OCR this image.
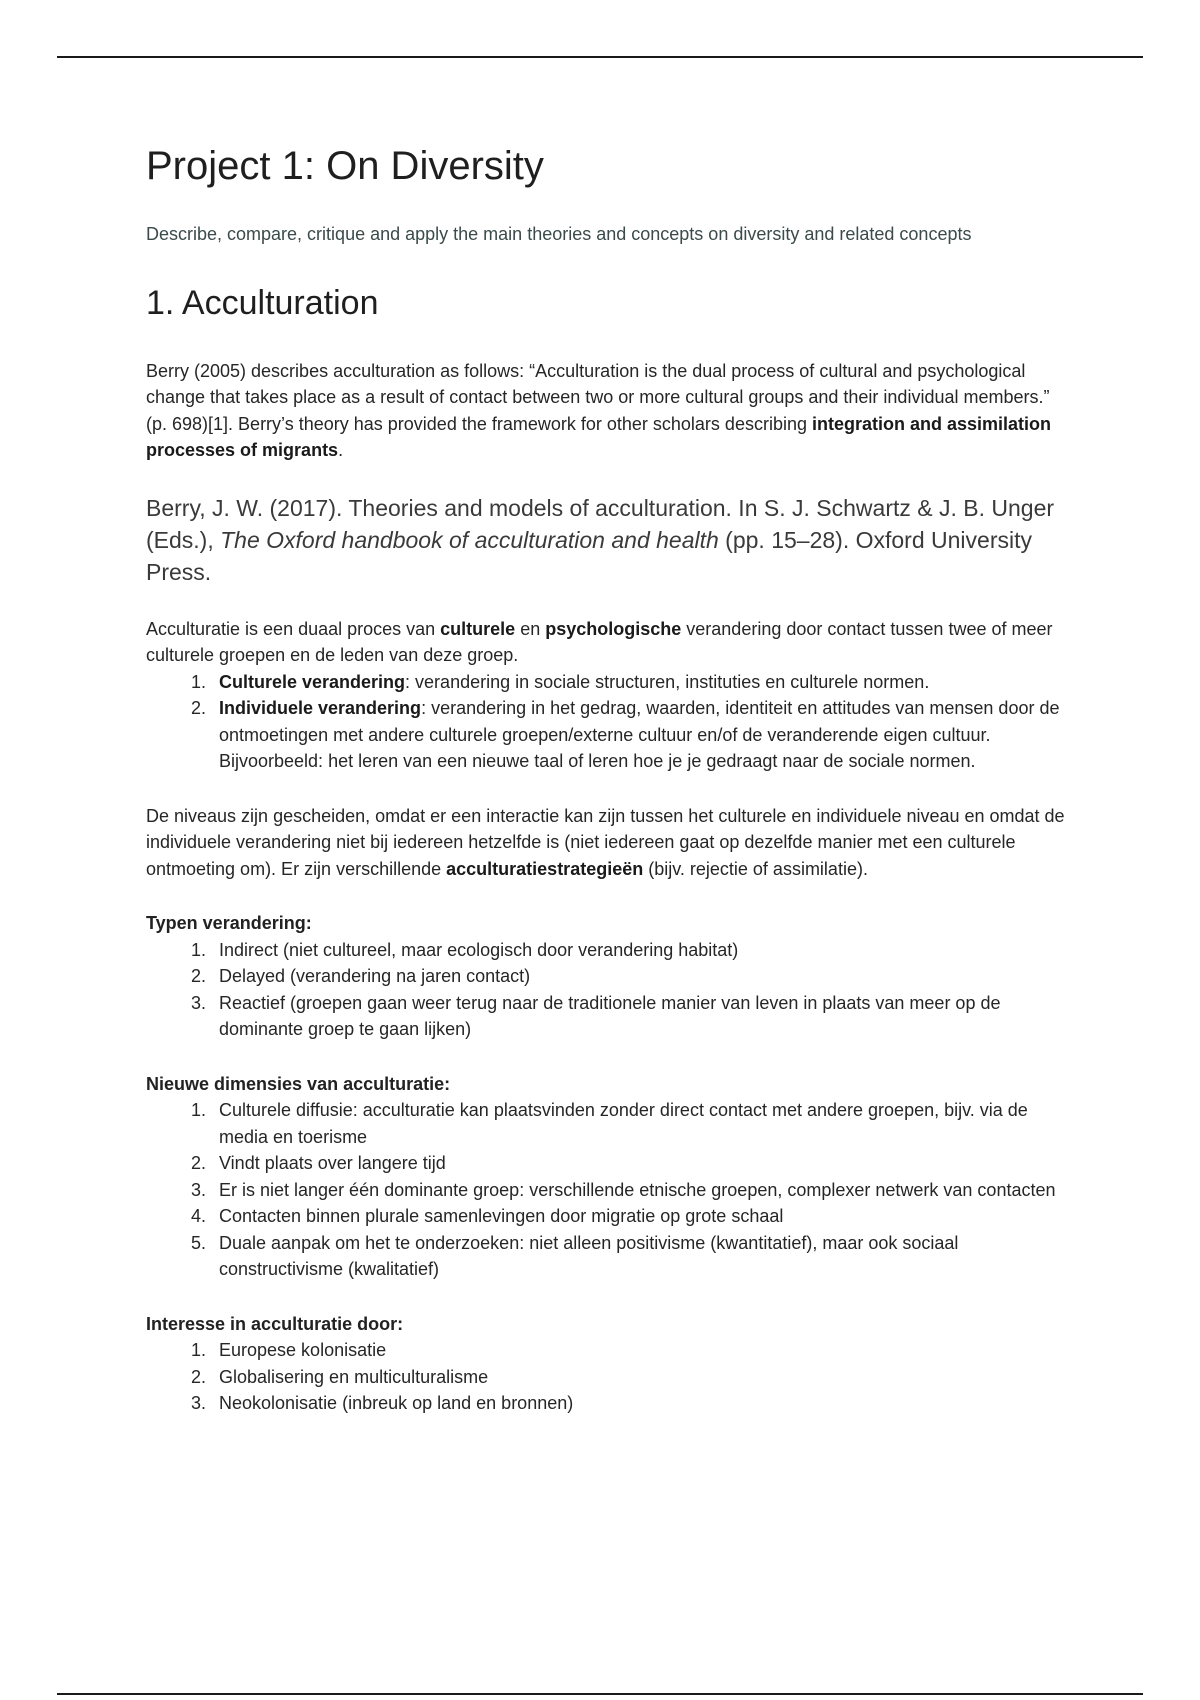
Project 1: On Diversity

Describe, compare, critique and apply the main theories and concepts on diversity and related concepts

1. Acculturation

Berry (2005) describes acculturation as follows: “Acculturation is the dual process of cultural and psychological change that takes place as a result of contact between two or more cultural groups and their individual members.” (p. 698)[1]. Berry’s theory has provided the framework for other scholars describing integration and assimilation processes of migrants.

Berry, J. W. (2017). Theories and models of acculturation. In S. J. Schwartz & J. B. Unger (Eds.), The Oxford handbook of acculturation and health (pp. 15–28). Oxford University Press.

Acculturatie is een duaal proces van culturele en psychologische verandering door contact tussen twee of meer culturele groepen en de leden van deze groep.

1. Culturele verandering: verandering in sociale structuren, instituties en culturele normen.
2. Individuele verandering: verandering in het gedrag, waarden, identiteit en attitudes van mensen door de ontmoetingen met andere culturele groepen/externe cultuur en/of de veranderende eigen cultuur. Bijvoorbeeld: het leren van een nieuwe taal of leren hoe je je gedraagt naar de sociale normen.

De niveaus zijn gescheiden, omdat er een interactie kan zijn tussen het culturele en individuele niveau en omdat de individuele verandering niet bij iedereen hetzelfde is (niet iedereen gaat op dezelfde manier met een culturele ontmoeting om). Er zijn verschillende acculturatiestrategieën (bijv. rejectie of assimilatie).

Typen verandering:

1. Indirect (niet cultureel, maar ecologisch door verandering habitat)
2. Delayed (verandering na jaren contact)
3. Reactief (groepen gaan weer terug naar de traditionele manier van leven in plaats van meer op de dominante groep te gaan lijken)

Nieuwe dimensies van acculturatie:

1. Culturele diffusie: acculturatie kan plaatsvinden zonder direct contact met andere groepen, bijv. via de media en toerisme
2. Vindt plaats over langere tijd
3. Er is niet langer één dominante groep: verschillende etnische groepen, complexer netwerk van contacten
4. Contacten binnen plurale samenlevingen door migratie op grote schaal
5. Duale aanpak om het te onderzoeken: niet alleen positivisme (kwantitatief), maar ook sociaal constructivisme (kwalitatief)

Interesse in acculturatie door:

1. Europese kolonisatie
2. Globalisering en multiculturalisme
3. Neokolonisatie (inbreuk op land en bronnen)
